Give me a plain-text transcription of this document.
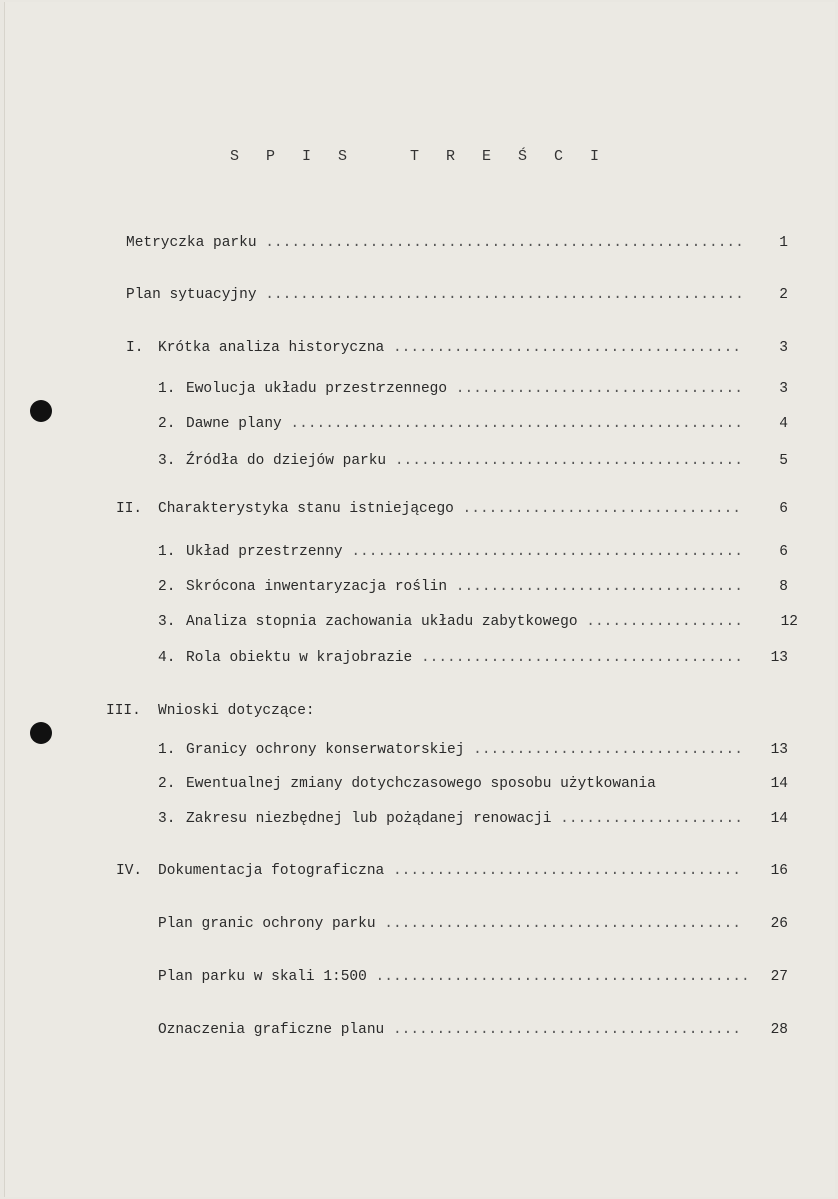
S P I S   T R E Ś C I
Metryczka parku .......................................................	1
Plan sytuacyjny .......................................................	2
I. Krótka analiza historyczna ........................................	3
1. Ewolucja układu przestrzennego .................................	3
2. Dawne plany ....................................................	4
3. Źródła do dziejów parku ........................................	5
II. Charakterystyka stanu istniejącego ................................	6
1. Układ przestrzenny .............................................	6
2. Skrócona inwentaryzacja roślin .................................	8
3. Analiza stopnia zachowania układu zabytkowego ..................	12
4. Rola obiektu w krajobrazie .....................................	13
III. Wnioski dotyczące:
1. Granicy ochrony konserwatorskiej ...............................	13
2. Ewentualnej zmiany dotychczasowego sposobu użytkowania	14
3. Zakresu niezbędnej lub pożądanej renowacji .....................	14
IV. Dokumentacja fotograficzna ........................................	16
Plan granic ochrony parku .........................................	26
Plan parku w skali 1:500 ...........................................	27
Oznaczenia graficzne planu ........................................	28
